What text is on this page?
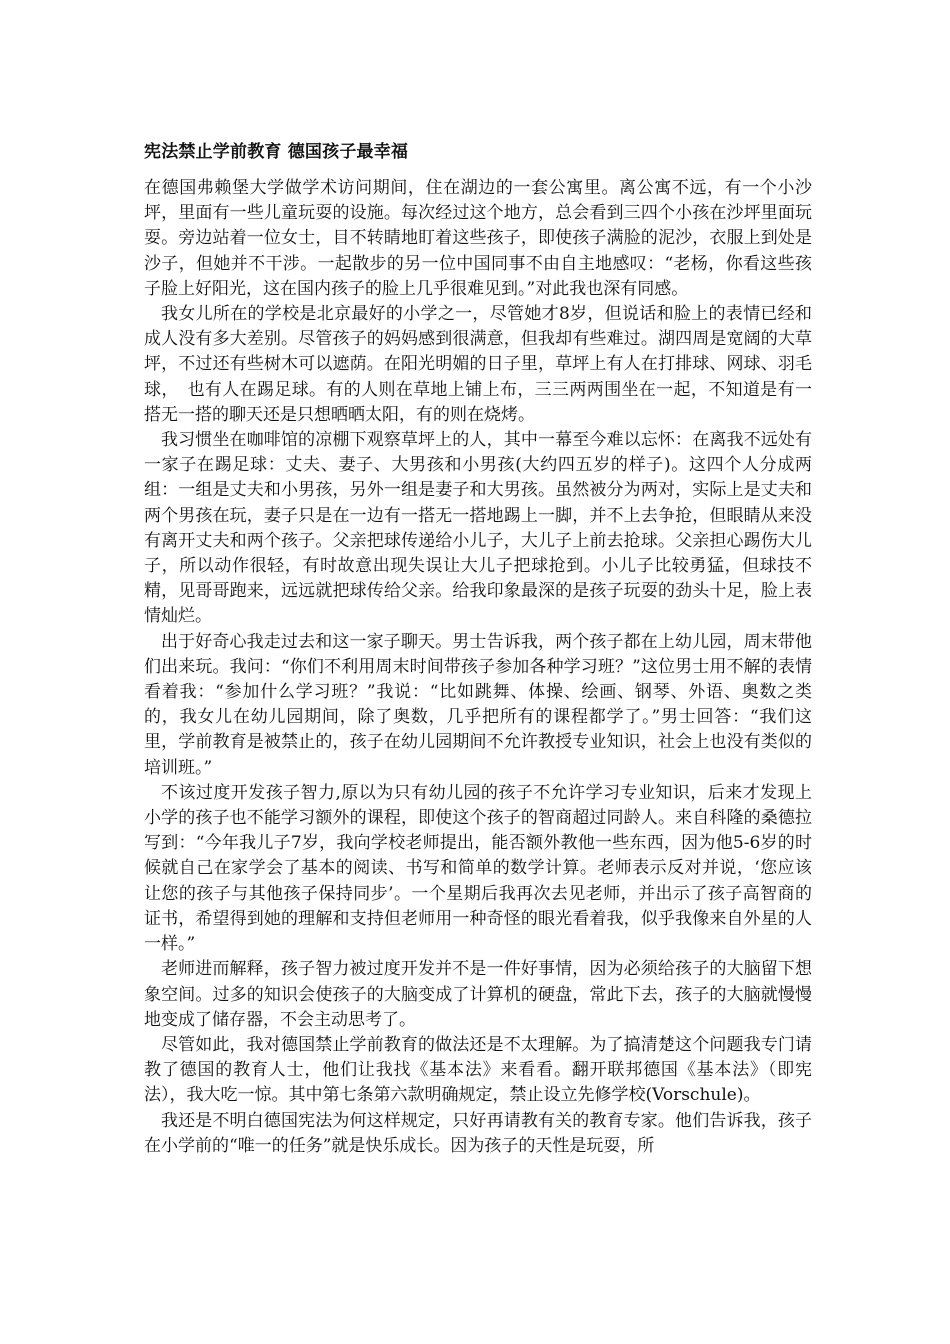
宪法禁止学前教育 德国孩子最幸福

在德国弗赖堡大学做学术访问期间，住在湖边的一套公寓里。离公寓不远，有一个小沙坪，里面有一些儿童玩耍的设施。每次经过这个地方，总会看到三四个小孩在沙坪里面玩耍。旁边站着一位女士，目不转睛地盯着这些孩子，即使孩子满脸的泥沙，衣服上到处是沙子，但她并不干涉。一起散步的另一位中国同事不由自主地感叹：“老杨，你看这些孩子脸上好阳光，这在国内孩子的脸上几乎很难见到。”对此我也深有同感。

我女儿所在的学校是北京最好的小学之一，尽管她才8岁，但说话和脸上的表情已经和成人没有多大差别。尽管孩子的妈妈感到很满意，但我却有些难过。湖四周是宽阔的大草坪，不过还有些树木可以遮荫。在阳光明媚的日子里，草坪上有人在打排球、网球、羽毛球，　也有人在踢足球。有的人则在草地上铺上布，三三两两围坐在一起，不知道是有一搭无一搭的聊天还是只想晒晒太阳，有的则在烧烤。

我习惯坐在咖啡馆的凉棚下观察草坪上的人，其中一幕至今难以忘怀：在离我不远处有一家子在踢足球：丈夫、妻子、大男孩和小男孩(大约四五岁的样子)。这四个人分成两组：一组是丈夫和小男孩，另外一组是妻子和大男孩。虽然被分为两对，实际上是丈夫和两个男孩在玩，妻子只是在一边有一搭无一搭地踢上一脚，并不上去争抢，但眼睛从来没有离开丈夫和两个孩子。父亲把球传递给小儿子，大儿子上前去抢球。父亲担心踢伤大儿子，所以动作很轻，有时故意出现失误让大儿子把球抢到。小儿子比较勇猛，但球技不精，见哥哥跑来，远远就把球传给父亲。给我印象最深的是孩子玩耍的劲头十足，脸上表情灿烂。

出于好奇心我走过去和这一家子聊天。男士告诉我，两个孩子都在上幼儿园，周末带他们出来玩。我问：“你们不利用周末时间带孩子参加各种学习班？”这位男士用不解的表情看着我：“参加什么学习班？”我说：“比如跳舞、体操、绘画、钢琴、外语、奥数之类的，我女儿在幼儿园期间，除了奥数，几乎把所有的课程都学了。”男士回答：“我们这里，学前教育是被禁止的，孩子在幼儿园期间不允许教授专业知识，社会上也没有类似的培训班。”

不该过度开发孩子智力,原以为只有幼儿园的孩子不允许学习专业知识，后来才发现上小学的孩子也不能学习额外的课程，即使这个孩子的智商超过同龄人。来自科隆的桑德拉写到：“今年我儿子7岁，我向学校老师提出，能否额外教他一些东西，因为他5-6岁的时候就自己在家学会了基本的阅读、书写和简单的数学计算。老师表示反对并说，‘您应该让您的孩子与其他孩子保持同步’。一个星期后我再次去见老师，并出示了孩子高智商的证书，希望得到她的理解和支持但老师用一种奇怪的眼光看着我，似乎我像来自外星的人一样。”

老师进而解释，孩子智力被过度开发并不是一件好事情，因为必须给孩子的大脑留下想象空间。过多的知识会使孩子的大脑变成了计算机的硬盘，常此下去，孩子的大脑就慢慢地变成了储存器，不会主动思考了。

尽管如此，我对德国禁止学前教育的做法还是不太理解。为了搞清楚这个问题我专门请教了德国的教育人士，他们让我找《基本法》来看看。翻开联邦德国《基本法》（即宪法），我大吃一惊。其中第七条第六款明确规定，禁止设立先修学校(Vorschule)。

我还是不明白德国宪法为何这样规定，只好再请教有关的教育专家。他们告诉我，孩子在小学前的“唯一的任务”就是快乐成长。因为孩子的天性是玩耍，所
